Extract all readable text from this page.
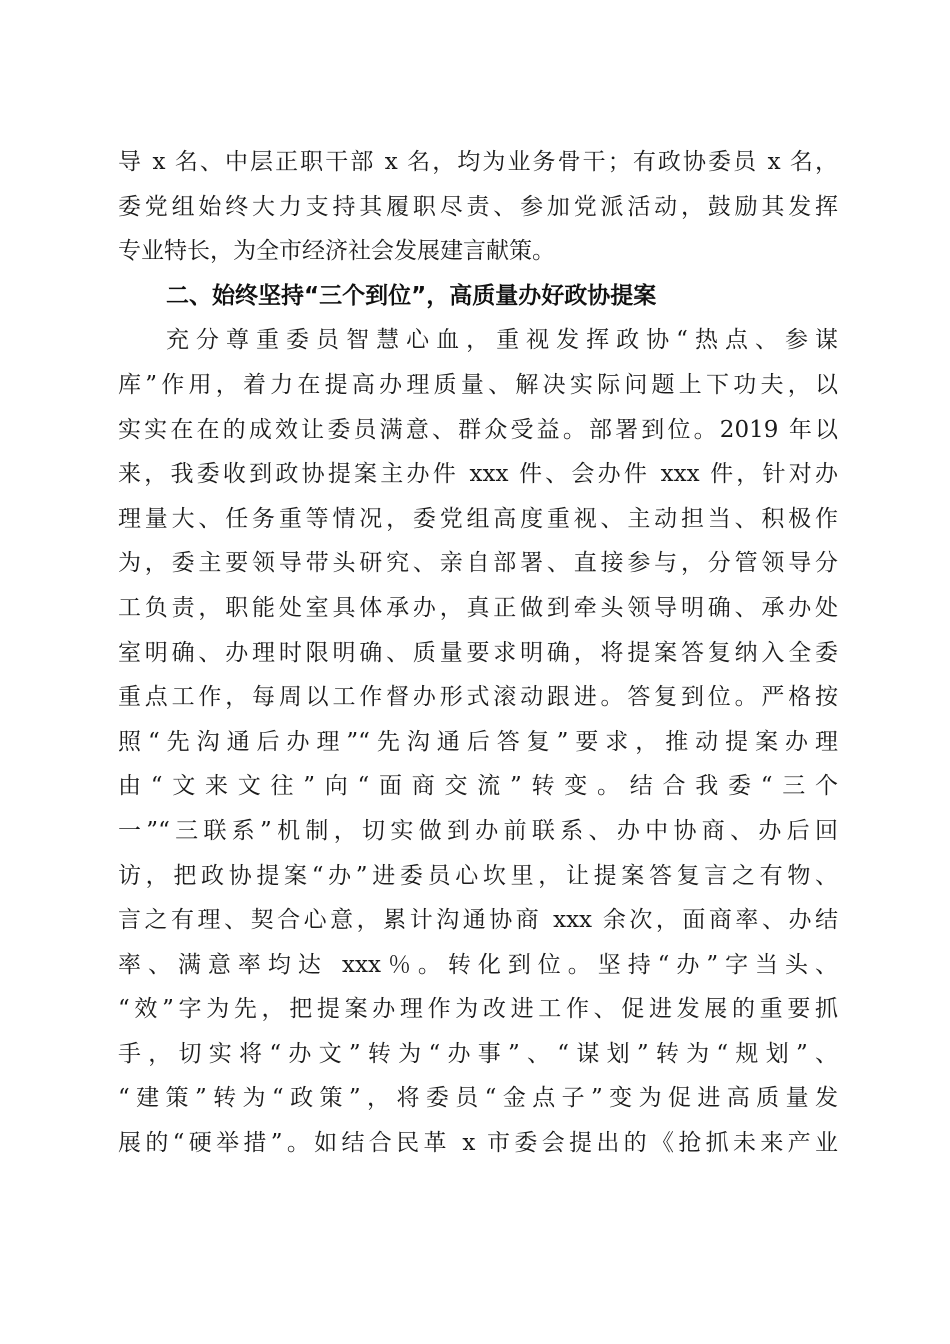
导 x 名、中层正职干部 x 名，均为业务骨干；有政协委员 x 名，
委党组始终大力支持其履职尽责、参加党派活动，鼓励其发挥
专业特长，为全市经济社会发展建言献策。
二、始终坚持“三个到位”，高质量办好政协提案
充分尊重委员智慧心血，重视发挥政协“热点、参谋
库”作用，着力在提高办理质量、解决实际问题上下功夫，以
实实在在的成效让委员满意、群众受益。部署到位。2019 年以
来，我委收到政协提案主办件 xxx 件、会办件 xxx 件，针对办
理量大、任务重等情况，委党组高度重视、主动担当、积极作
为，委主要领导带头研究、亲自部署、直接参与，分管领导分
工负责，职能处室具体承办，真正做到牵头领导明确、承办处
室明确、办理时限明确、质量要求明确，将提案答复纳入全委
重点工作，每周以工作督办形式滚动跟进。答复到位。严格按
照“先沟通后办理”“先沟通后答复”要求，推动提案办理
由“文来文往”向“面商交流”转变。结合我委“三个
一”“三联系”机制，切实做到办前联系、办中协商、办后回
访，把政协提案“办”进委员心坎里，让提案答复言之有物、
言之有理、契合心意，累计沟通协商 xxx 余次，面商率、办结
率、满意率均达 xxx％。转化到位。坚持“办”字当头、
“效”字为先，把提案办理作为改进工作、促进发展的重要抓
手，切实将“办文”转为“办事”、“谋划”转为“规划”、
“建策”转为“政策”，将委员“金点子”变为促进高质量发
展的“硬举措”。如结合民革 x 市委会提出的《抢抓未来产业
